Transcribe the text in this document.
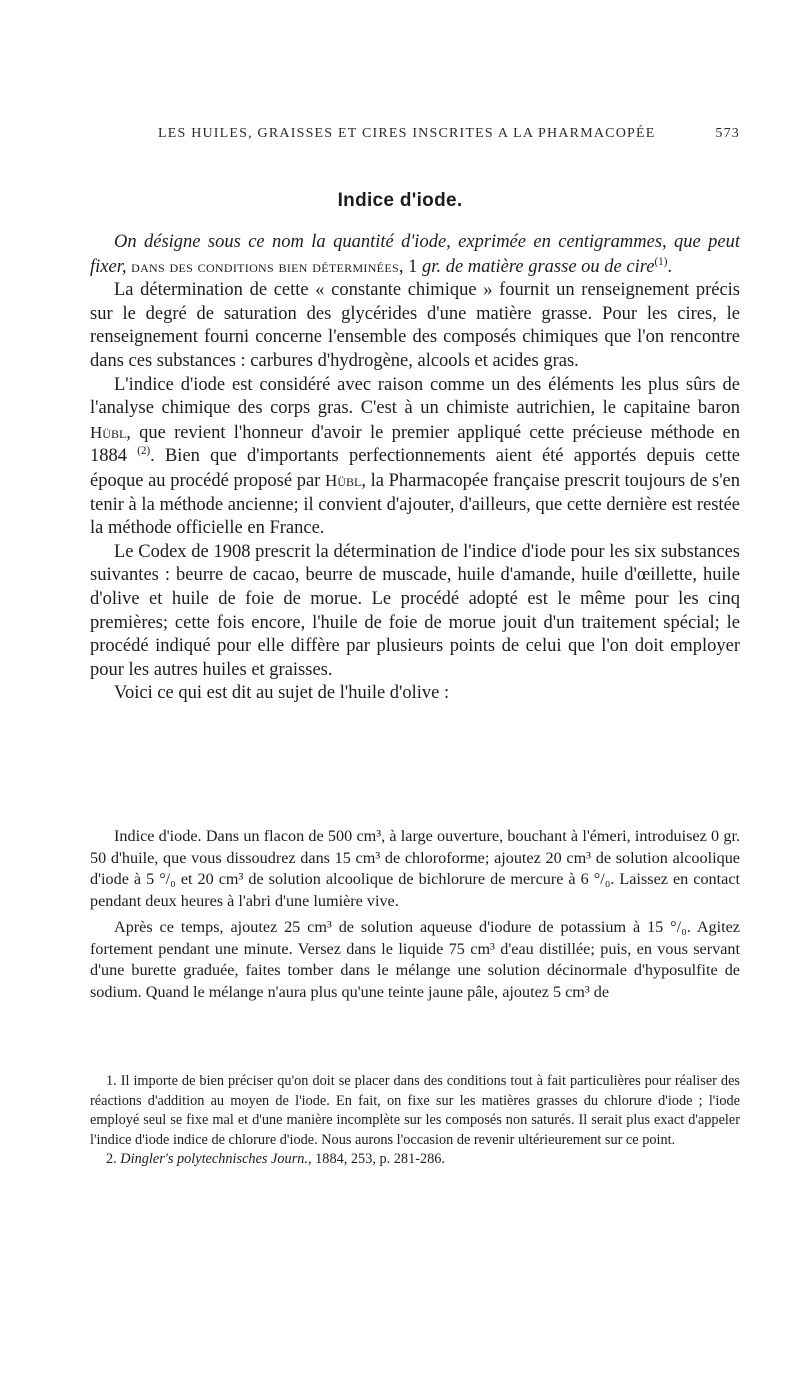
LES HUILES, GRAISSES ET CIRES INSCRITES A LA PHARMACOPÉE	573
Indice d'iode.

On désigne sous ce nom la quantité d'iode, exprimée en centigrammes, que peut fixer, dans des conditions bien déterminées, 1 gr. de matière grasse ou de cire$^{(1)}$.

La détermination de cette « constante chimique » fournit un renseignement précis sur le degré de saturation des glycérides d'une matière grasse. Pour les cires, le renseignement fourni concerne l'ensemble des composés chimiques que l'on rencontre dans ces substances : carbures d'hydrogène, alcools et acides gras.

L'indice d'iode est considéré avec raison comme un des éléments les plus sûrs de l'analyse chimique des corps gras. C'est à un chimiste autrichien, le capitaine baron Hübl, que revient l'honneur d'avoir le premier appliqué cette précieuse méthode en 1884 $^{(2)}$. Bien que d'importants perfectionnements aient été apportés depuis cette époque au procédé proposé par Hübl, la Pharmacopée française prescrit toujours de s'en tenir à la méthode ancienne; il convient d'ajouter, d'ailleurs, que cette dernière est restée la méthode officielle en France.

Le Codex de 1908 prescrit la détermination de l'indice d'iode pour les six substances suivantes : beurre de cacao, beurre de muscade, huile d'amande, huile d'œillette, huile d'olive et huile de foie de morue. Le procédé adopté est le même pour les cinq premières; cette fois encore, l'huile de foie de morue jouit d'un traitement spécial; le procédé indiqué pour elle diffère par plusieurs points de celui que l'on doit employer pour les autres huiles et graisses.

Voici ce qui est dit au sujet de l'huile d'olive :

Indice d'iode. Dans un flacon de 500 cm³, à large ouverture, bouchant à l'émeri, introduisez 0 gr. 50 d'huile, que vous dissoudrez dans 15 cm³ de chloroforme; ajoutez 20 cm³ de solution alcoolique d'iode à 5 °/₀ et 20 cm³ de solution alcoolique de bichlorure de mercure à 6 °/₀. Laissez en contact pendant deux heures à l'abri d'une lumière vive.

Après ce temps, ajoutez 25 cm³ de solution aqueuse d'iodure de potassium à 15 °/₀. Agitez fortement pendant une minute. Versez dans le liquide 75 cm³ d'eau distillée; puis, en vous servant d'une burette graduée, faites tomber dans le mélange une solution décinormale d'hyposulfite de sodium. Quand le mélange n'aura plus qu'une teinte jaune pâle, ajoutez 5 cm³ de

1. Il importe de bien préciser qu'on doit se placer dans des conditions tout à fait particulières pour réaliser des réactions d'addition au moyen de l'iode. En fait, on fixe sur les matières grasses du chlorure d'iode ; l'iode employé seul se fixe mal et d'une manière incomplète sur les composés non saturés. Il serait plus exact d'appeler l'indice d'iode indice de chlorure d'iode. Nous aurons l'occasion de revenir ultérieurement sur ce point.

2. Dingler's polytechnisches Journ., 1884, 253, p. 281-286.
